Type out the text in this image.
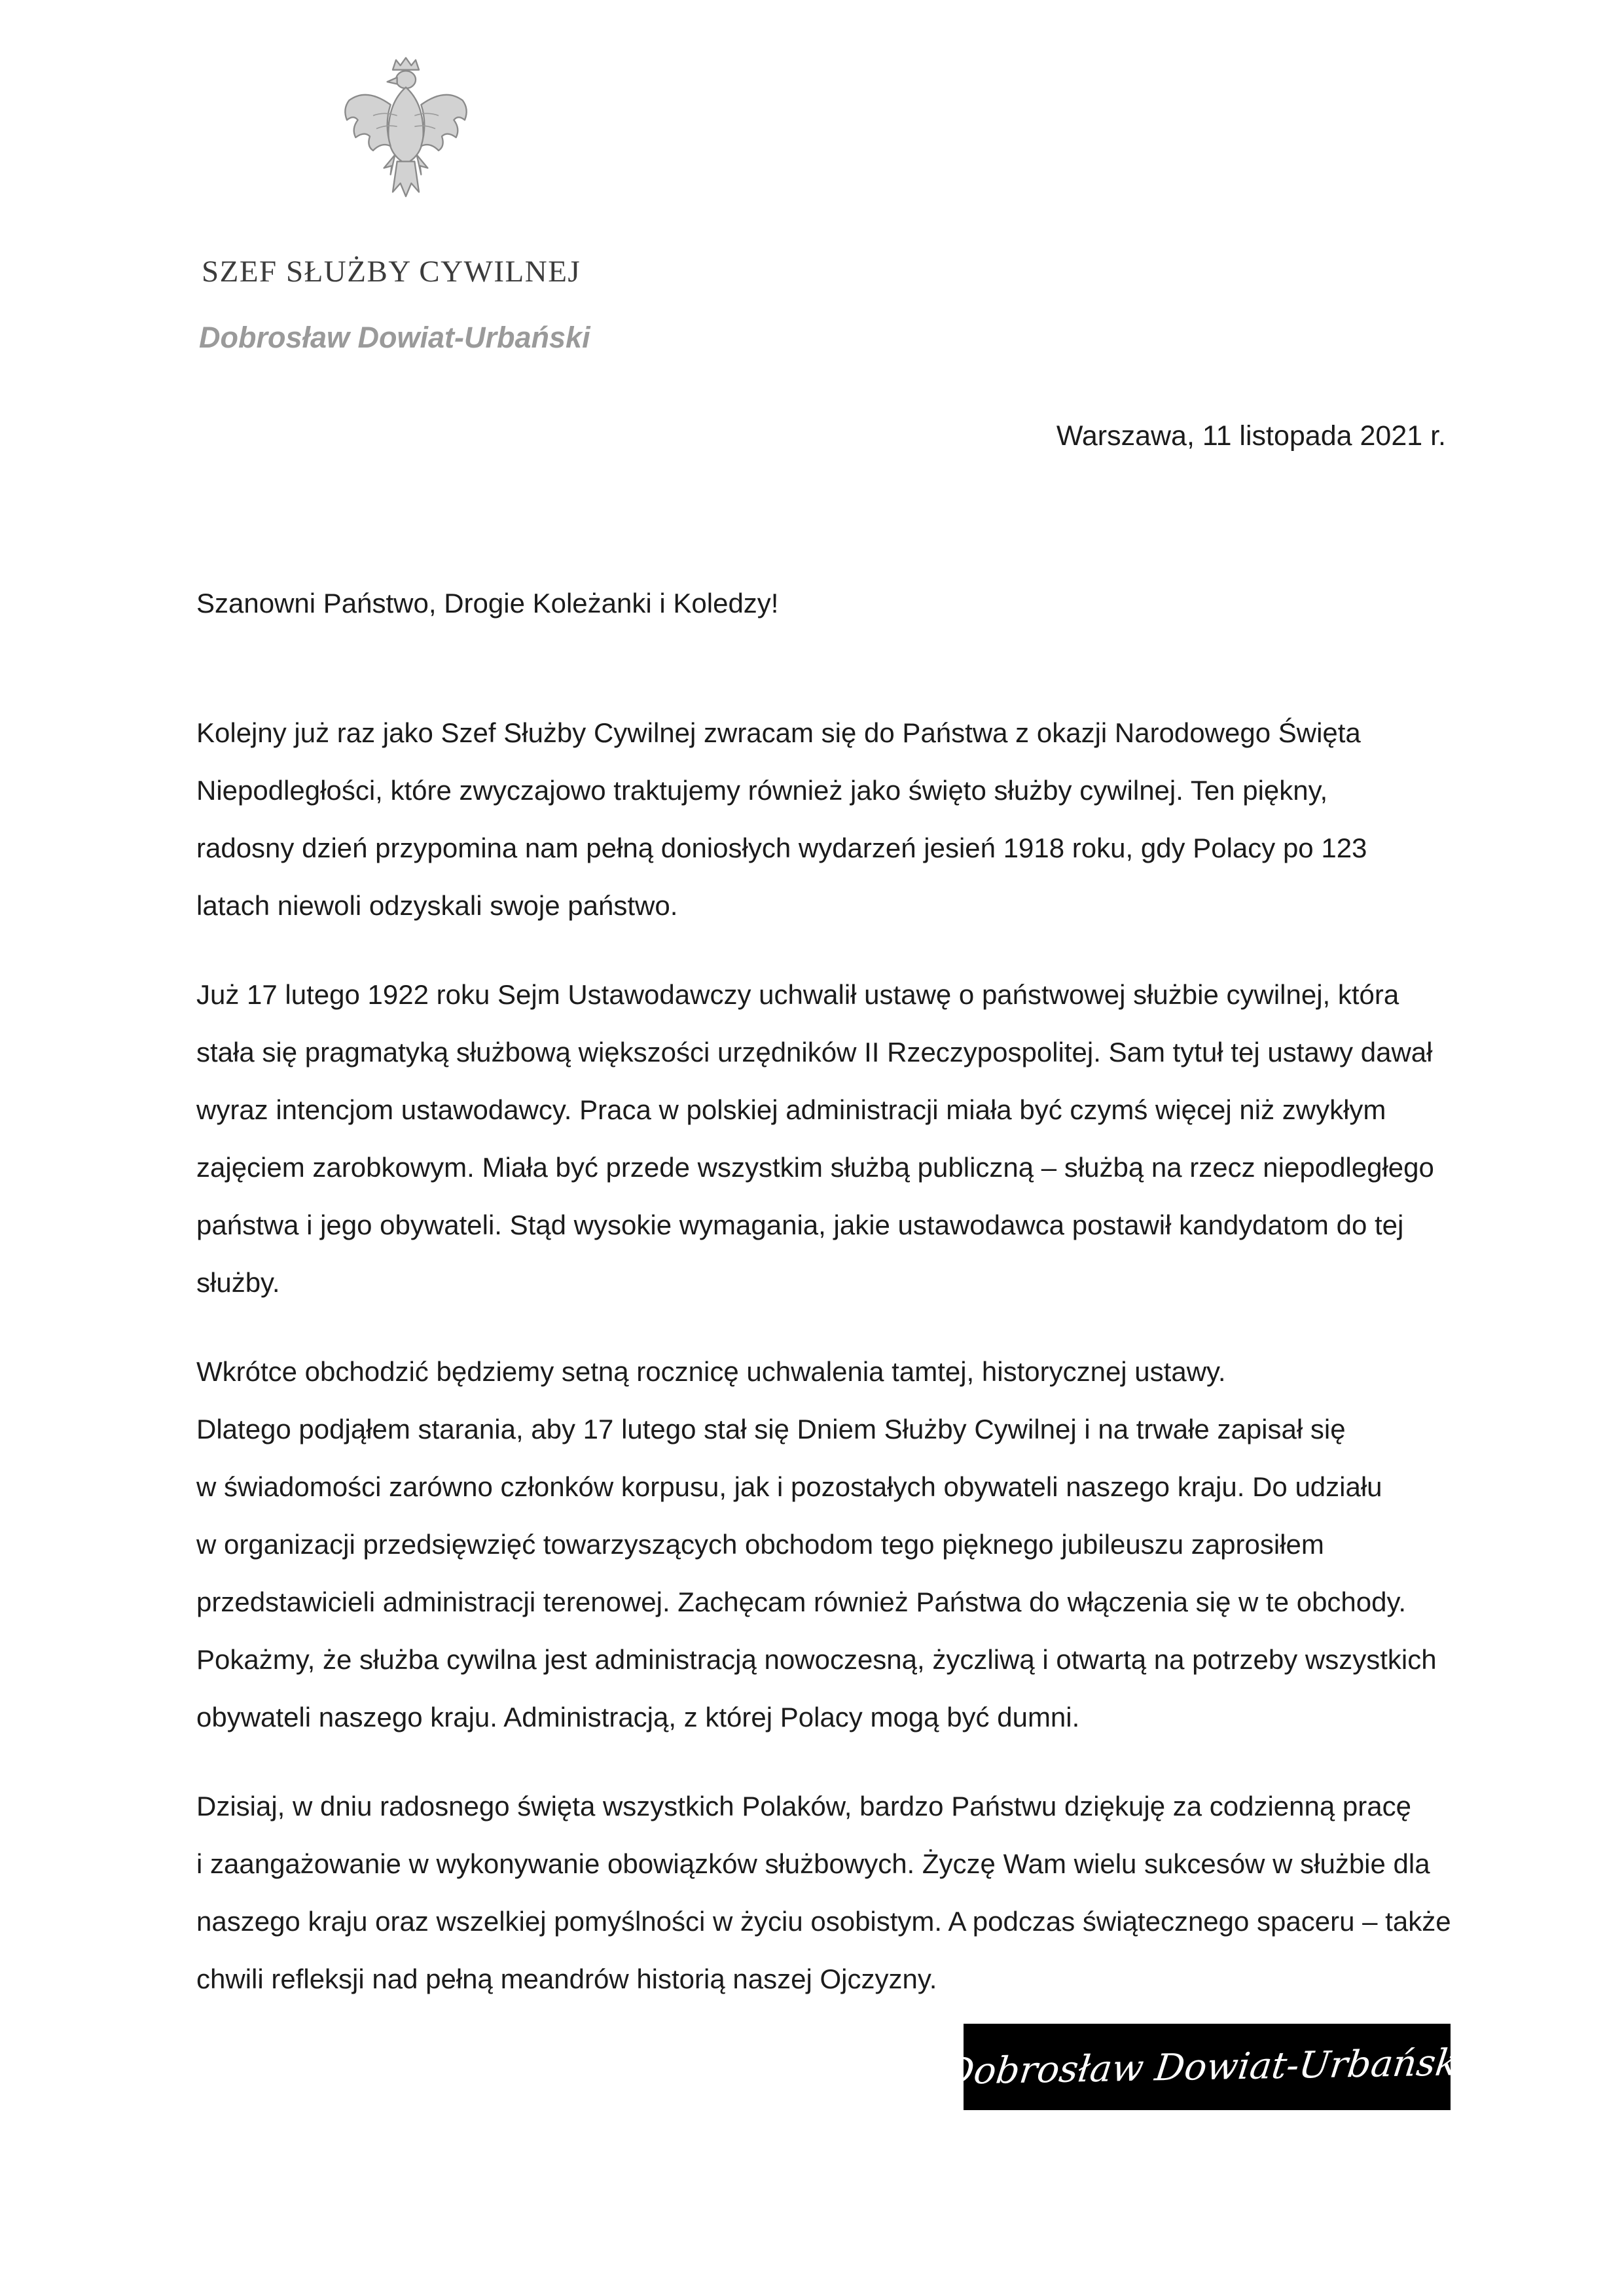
SZEF SŁUŻBY CYWILNEJ
Dobrosław Dowiat-Urbański
Warszawa, 11 listopada 2021 r.
Szanowni Państwo, Drogie Koleżanki i Koledzy!
Kolejny już raz jako Szef Służby Cywilnej zwracam się do Państwa z okazji Narodowego Święta
Niepodległości, które zwyczajowo traktujemy również jako święto służby cywilnej. Ten piękny,
radosny dzień przypomina nam pełną doniosłych wydarzeń jesień 1918 roku, gdy Polacy po 123
latach niewoli odzyskali swoje państwo.
Już 17 lutego 1922 roku Sejm Ustawodawczy uchwalił ustawę o państwowej służbie cywilnej, która
stała się pragmatyką służbową większości urzędników II Rzeczypospolitej. Sam tytuł tej ustawy dawał
wyraz intencjom ustawodawcy. Praca w polskiej administracji miała być czymś więcej niż zwykłym
zajęciem zarobkowym. Miała być przede wszystkim służbą publiczną – służbą na rzecz niepodległego
państwa i jego obywateli. Stąd wysokie wymagania, jakie ustawodawca postawił kandydatom do tej
służby.
Wkrótce obchodzić będziemy setną rocznicę uchwalenia tamtej, historycznej ustawy.
Dlatego podjąłem starania, aby 17 lutego stał się Dniem Służby Cywilnej i na trwałe zapisał się
w świadomości zarówno członków korpusu, jak i pozostałych obywateli naszego kraju. Do udziału
w organizacji przedsięwzięć towarzyszących obchodom tego pięknego jubileuszu zaprosiłem
przedstawicieli administracji terenowej. Zachęcam również Państwa do włączenia się w te obchody.
Pokażmy, że służba cywilna jest administracją nowoczesną, życzliwą i otwartą na potrzeby wszystkich
obywateli naszego kraju. Administracją, z której Polacy mogą być dumni.
Dzisiaj, w dniu radosnego święta wszystkich Polaków, bardzo Państwu dziękuję za codzienną pracę
i zaangażowanie w wykonywanie obowiązków służbowych. Życzę Wam wielu sukcesów w służbie dla
naszego kraju oraz wszelkiej pomyślności w życiu osobistym. A podczas świątecznego spaceru – także
chwili refleksji nad pełną meandrów historią naszej Ojczyzny.
Dobrosław Dowiat-Urbański
